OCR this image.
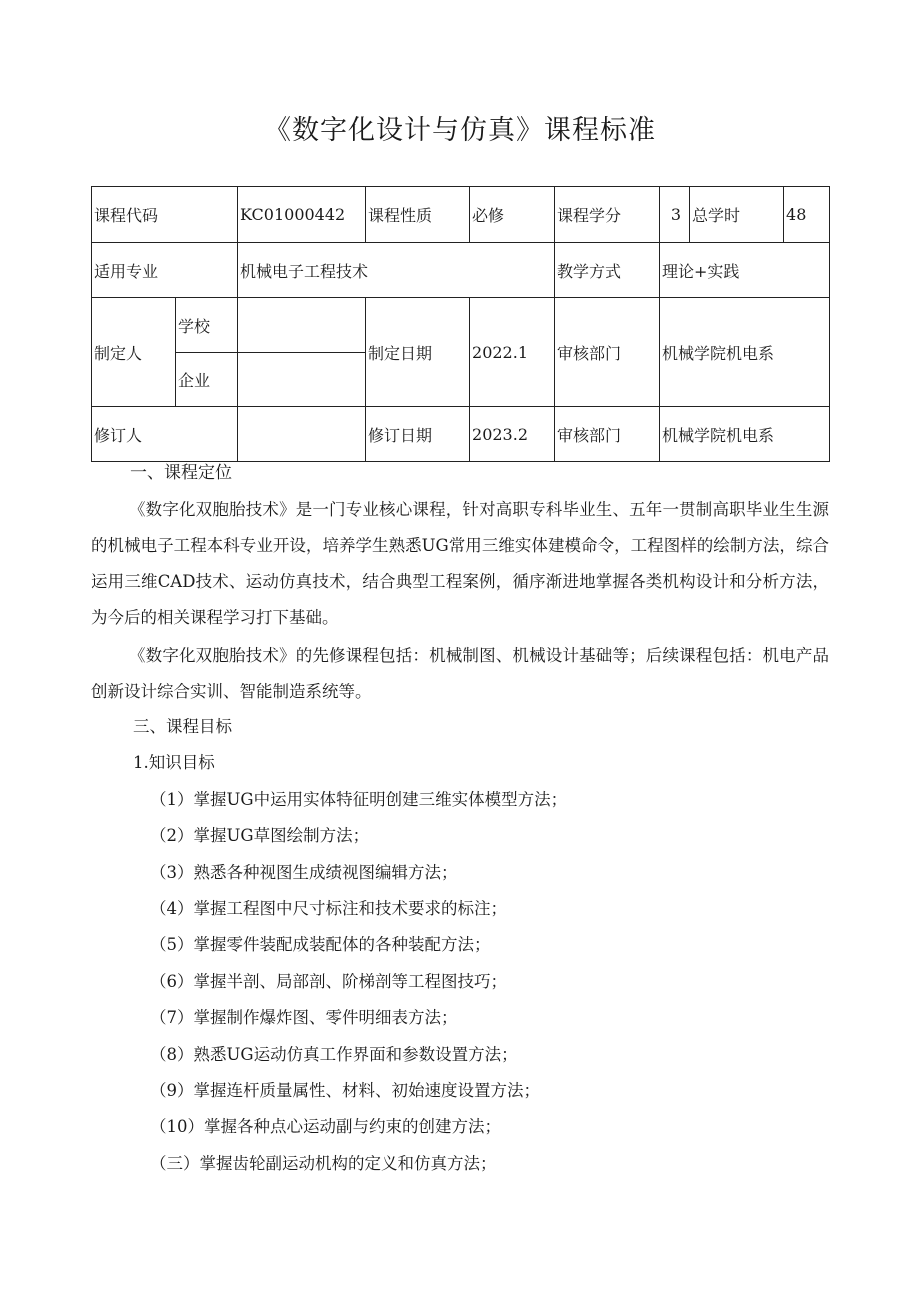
《数字化设计与仿真》课程标准
课程代码		KC01000442	课程性质	必修	课程学分	3	总学时	48
适用专业		机械电子工程技术			教学方式	理论+实践		
制定人	学校		制定日期	2022.1	审核部门	机械学院机电系		
	企业							
修订人			修订日期	2023.2	审核部门	机械学院机电系		

一、课程定位

《数字化双胞胎技术》是一门专业核心课程，针对高职专科毕业生、五年一贯制高职毕业生生源的机械电子工程本科专业开设，培养学生熟悉UG常用三维实体建模命令，工程图样的绘制方法，综合运用三维CAD技术、运动仿真技术，结合典型工程案例，循序渐进地掌握各类机构设计和分析方法，为今后的相关课程学习打下基础。

《数字化双胞胎技术》的先修课程包括：机械制图、机械设计基础等；后续课程包括：机电产品创新设计综合实训、智能制造系统等。

三、课程目标

1.知识目标

（1）掌握UG中运用实体特征明创建三维实体模型方法；

（2）掌握UG草图绘制方法；

（3）熟悉各种视图生成绩视图编辑方法；

（4）掌握工程图中尺寸标注和技术要求的标注；

（5）掌握零件装配成装配体的各种装配方法；

（6）掌握半剖、局部剖、阶梯剖等工程图技巧；

（7）掌握制作爆炸图、零件明细表方法；

（8）熟悉UG运动仿真工作界面和参数设置方法；

（9）掌握连杆质量属性、材料、初始速度设置方法；

（10）掌握各种点心运动副与约束的创建方法；

（三）掌握齿轮副运动机构的定义和仿真方法；
